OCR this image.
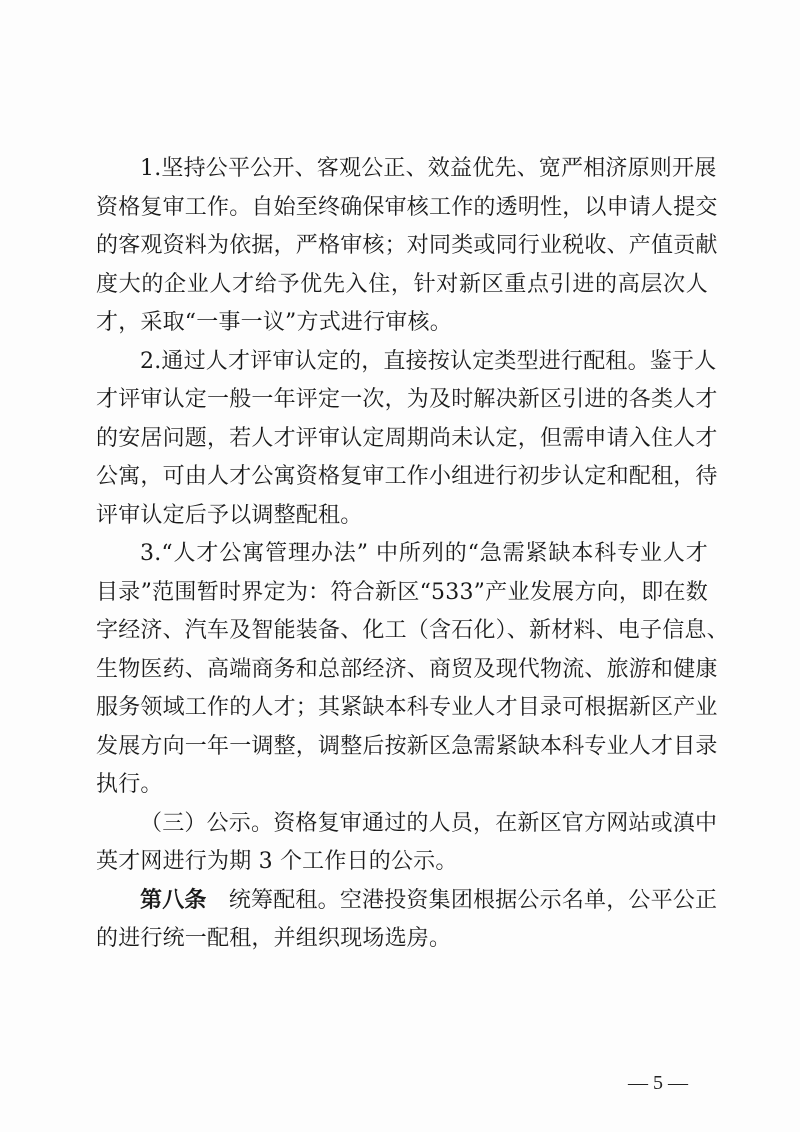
1.坚持公平公开、客观公正、效益优先、宽严相济原则开展
资格复审工作。自始至终确保审核工作的透明性，以申请人提交
的客观资料为依据，严格审核；对同类或同行业税收、产值贡献
度大的企业人才给予优先入住，针对新区重点引进的高层次人
才，采取“一事一议”方式进行审核。
2.通过人才评审认定的，直接按认定类型进行配租。鉴于人
才评审认定一般一年评定一次，为及时解决新区引进的各类人才
的安居问题，若人才评审认定周期尚未认定，但需申请入住人才
公寓，可由人才公寓资格复审工作小组进行初步认定和配租，待
评审认定后予以调整配租。
3.“人才公寓管理办法” 中所列的“急需紧缺本科专业人才
目录”范围暂时界定为：符合新区“533”产业发展方向，即在数
字经济、汽车及智能装备、化工（含石化）、新材料、电子信息、
生物医药、高端商务和总部经济、商贸及现代物流、旅游和健康
服务领域工作的人才；其紧缺本科专业人才目录可根据新区产业
发展方向一年一调整，调整后按新区急需紧缺本科专业人才目录
执行。
（三）公示。资格复审通过的人员，在新区官方网站或滇中
英才网进行为期 3 个工作日的公示。
第八条　 统筹配租。空港投资集团根据公示名单，公平公正
的进行统一配租，并组织现场选房。
— 5 —
